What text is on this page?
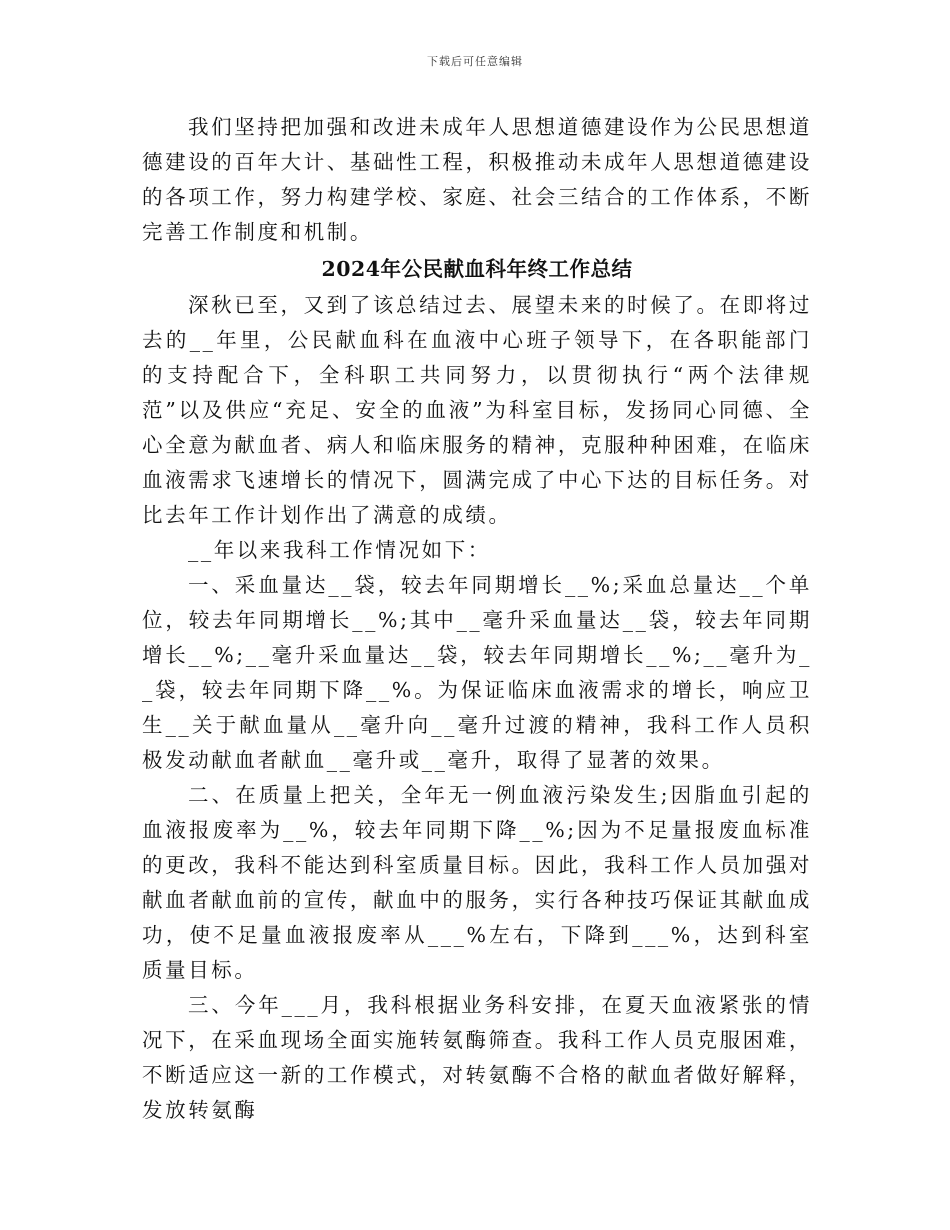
下载后可任意编辑

我们坚持把加强和改进未成年人思想道德建设作为公民思想道德建设的百年大计、基础性工程，积极推动未成年人思想道德建设的各项工作，努力构建学校、家庭、社会三结合的工作体系，不断完善工作制度和机制。

2024年公民献血科年终工作总结

深秋已至，又到了该总结过去、展望未来的时候了。在即将过去的__年里，公民献血科在血液中心班子领导下，在各职能部门的支持配合下，全科职工共同努力，以贯彻执行“两个法律规范”以及供应“充足、安全的血液”为科室目标，发扬同心同德、全心全意为献血者、病人和临床服务的精神，克服种种困难，在临床血液需求飞速增长的情况下，圆满完成了中心下达的目标任务。对比去年工作计划作出了满意的成绩。

__年以来我科工作情况如下：

一、采血量达__袋，较去年同期增长__%;采血总量达__个单位，较去年同期增长__%;其中__毫升采血量达__袋，较去年同期增长__%;__毫升采血量达__袋，较去年同期增长__%;__毫升为__袋，较去年同期下降__%。为保证临床血液需求的增长，响应卫生__关于献血量从__毫升向__毫升过渡的精神，我科工作人员积极发动献血者献血__毫升或__毫升，取得了显著的效果。

二、在质量上把关，全年无一例血液污染发生;因脂血引起的血液报废率为__%，较去年同期下降__%;因为不足量报废血标准的更改，我科不能达到科室质量目标。因此，我科工作人员加强对献血者献血前的宣传，献血中的服务，实行各种技巧保证其献血成功，使不足量血液报废率从___%左右，下降到___%，达到科室质量目标。

三、今年___月，我科根据业务科安排，在夏天血液紧张的情况下，在采血现场全面实施转氨酶筛查。我科工作人员克服困难，不断适应这一新的工作模式，对转氨酶不合格的献血者做好解释，发放转氨酶
